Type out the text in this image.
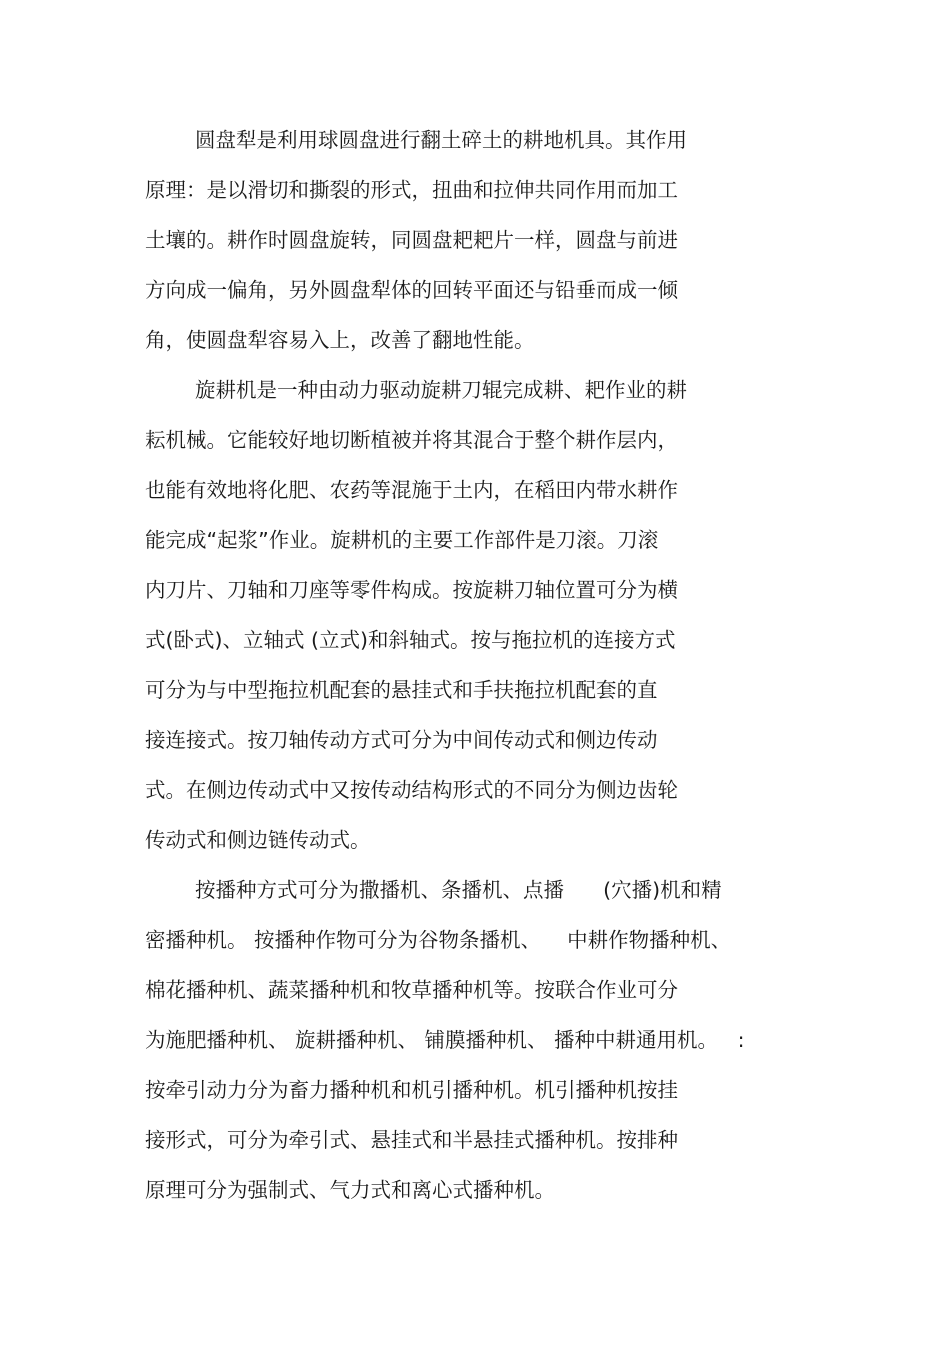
圆盘犁是利用球圆盘进行翻土碎土的耕地机具。其作用

原理：是以滑切和撕裂的形式，扭曲和拉伸共同作用而加工

土壤的。耕作时圆盘旋转，同圆盘耙耙片一样，圆盘与前进

方向成一偏角，另外圆盘犁体的回转平面还与铅垂而成一倾

角，使圆盘犁容易入上，改善了翻地性能。

旋耕机是一种由动力驱动旋耕刀辊完成耕、耙作业的耕

耘机械。它能较好地切断植被并将其混合于整个耕作层内，

也能有效地将化肥、农药等混施于土内，在稻田内带水耕作

能完成“起浆”作业。旋耕机的主要工作部件是刀滚。刀滚

内刀片、刀轴和刀座等零件构成。按旋耕刀轴位置可分为横

式(卧式)、立轴式 (立式)和斜轴式。按与拖拉机的连接方式

可分为与中型拖拉机配套的悬挂式和手扶拖拉机配套的直

接连接式。按刀轴传动方式可分为中间传动式和侧边传动

式。在侧边传动式中又按传动结构形式的不同分为侧边齿轮

传动式和侧边链传动式。

按播种方式可分为撒播机、条播机、点播      (穴播)机和精

密播种机。 按播种作物可分为谷物条播机、    中耕作物播种机、

棉花播种机、蔬菜播种机和牧草播种机等。按联合作业可分

为施肥播种机、 旋耕播种机、 铺膜播种机、 播种中耕通用机。   :

按牵引动力分为畜力播种机和机引播种机。机引播种机按挂

接形式，可分为牵引式、悬挂式和半悬挂式播种机。按排种

原理可分为强制式、气力式和离心式播种机。
